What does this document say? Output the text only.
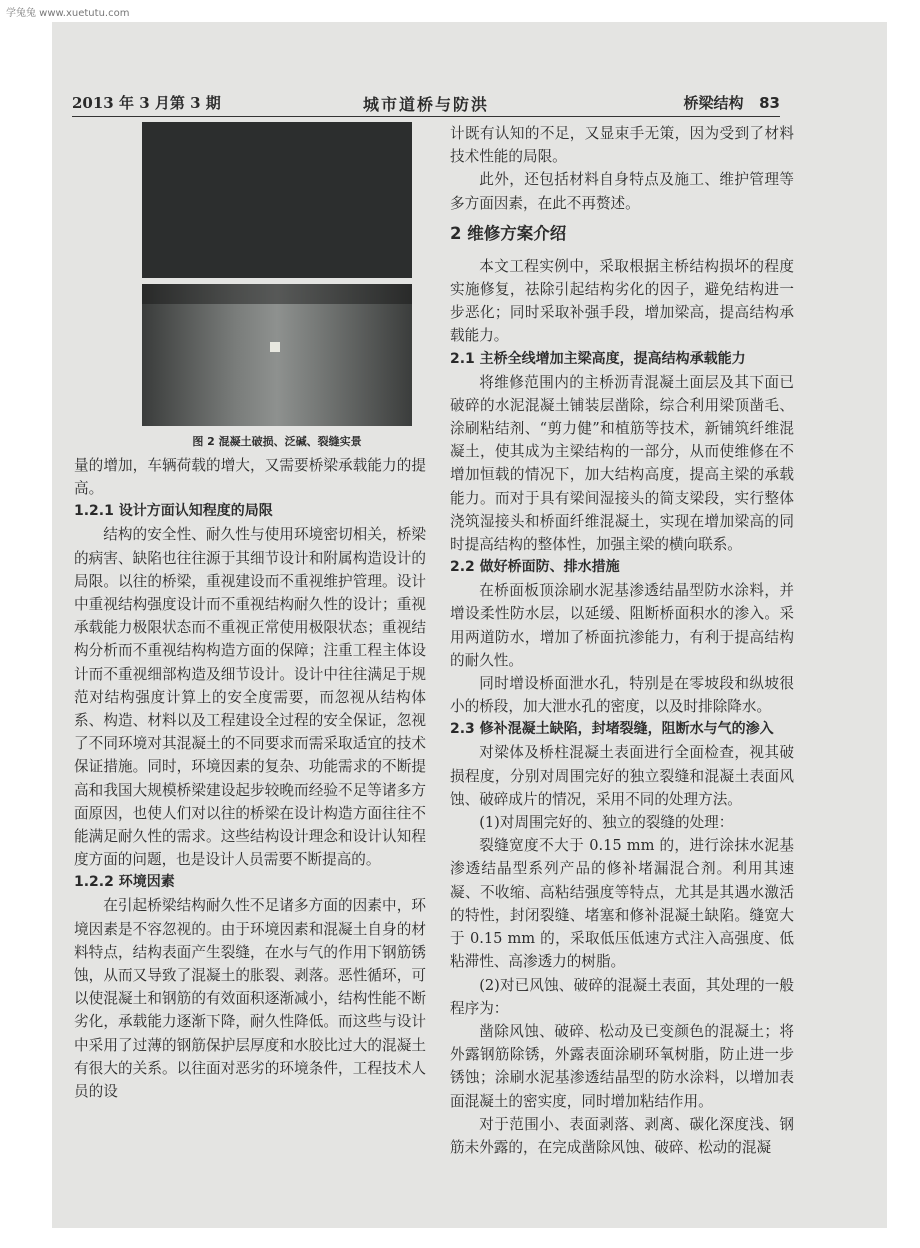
学兔兔 www.xuetutu.com
2013 年 3 月第 3 期	城市道桥与防洪	桥梁结构 83
图 2 混凝土破损、泛碱、裂缝实景

量的增加，车辆荷载的增大，又需要桥梁承载能力的提高。

1.2.1 设计方面认知程度的局限

结构的安全性、耐久性与使用环境密切相关，桥梁的病害、缺陷也往往源于其细节设计和附属构造设计的局限。以往的桥梁，重视建设而不重视维护管理。设计中重视结构强度设计而不重视结构耐久性的设计；重视承载能力极限状态而不重视正常使用极限状态；重视结构分析而不重视结构构造方面的保障；注重工程主体设计而不重视细部构造及细节设计。设计中往往满足于规范对结构强度计算上的安全度需要，而忽视从结构体系、构造、材料以及工程建设全过程的安全保证，忽视了不同环境对其混凝土的不同要求而需采取适宜的技术保证措施。同时，环境因素的复杂、功能需求的不断提高和我国大规模桥梁建设起步较晚而经验不足等诸多方面原因，也使人们对以往的桥梁在设计构造方面往往不能满足耐久性的需求。这些结构设计理念和设计认知程度方面的问题，也是设计人员需要不断提高的。

1.2.2 环境因素

在引起桥梁结构耐久性不足诸多方面的因素中，环境因素是不容忽视的。由于环境因素和混凝土自身的材料特点，结构表面产生裂缝，在水与气的作用下钢筋锈蚀，从而又导致了混凝土的胀裂、剥落。恶性循环，可以使混凝土和钢筋的有效面积逐渐减小，结构性能不断劣化，承载能力逐渐下降，耐久性降低。而这些与设计中采用了过薄的钢筋保护层厚度和水胶比过大的混凝土有很大的关系。以往面对恶劣的环境条件，工程技术人员的设

计既有认知的不足，又显束手无策，因为受到了材料技术性能的局限。

此外，还包括材料自身特点及施工、维护管理等多方面因素，在此不再赘述。

2 维修方案介绍

本文工程实例中，采取根据主桥结构损坏的程度实施修复，祛除引起结构劣化的因子，避免结构进一步恶化；同时采取补强手段，增加梁高，提高结构承载能力。

2.1 主桥全线增加主梁高度，提高结构承载能力

将维修范围内的主桥沥青混凝土面层及其下面已破碎的水泥混凝土铺装层凿除，综合利用梁顶凿毛、涂刷粘结剂、“剪力健”和植筋等技术，新铺筑纤维混凝土，使其成为主梁结构的一部分，从而使维修在不增加恒载的情况下，加大结构高度，提高主梁的承载能力。而对于具有梁间湿接头的简支梁段，实行整体浇筑湿接头和桥面纤维混凝土，实现在增加梁高的同时提高结构的整体性，加强主梁的横向联系。

2.2 做好桥面防、排水措施

在桥面板顶涂刷水泥基渗透结晶型防水涂料，并增设柔性防水层，以延缓、阻断桥面积水的渗入。采用两道防水，增加了桥面抗渗能力，有利于提高结构的耐久性。

同时增设桥面泄水孔，特别是在零坡段和纵坡很小的桥段，加大泄水孔的密度，以及时排除降水。

2.3 修补混凝土缺陷，封堵裂缝，阻断水与气的渗入

对梁体及桥柱混凝土表面进行全面检查，视其破损程度，分别对周围完好的独立裂缝和混凝土表面风蚀、破碎成片的情况，采用不同的处理方法。

(1)对周围完好的、独立的裂缝的处理：

裂缝宽度不大于 0.15 mm 的，进行涂抹水泥基渗透结晶型系列产品的修补堵漏混合剂。利用其速凝、不收缩、高粘结强度等特点，尤其是其遇水激活的特性，封闭裂缝、堵塞和修补混凝土缺陷。缝宽大于 0.15 mm 的，采取低压低速方式注入高强度、低粘滞性、高渗透力的树脂。

(2)对已风蚀、破碎的混凝土表面，其处理的一般程序为：

凿除风蚀、破碎、松动及已变颜色的混凝土；将外露钢筋除锈，外露表面涂刷环氧树脂，防止进一步锈蚀；涂刷水泥基渗透结晶型的防水涂料，以增加表面混凝土的密实度，同时增加粘结作用。

对于范围小、表面剥落、剥离、碳化深度浅、钢筋未外露的，在完成凿除风蚀、破碎、松动的混凝
